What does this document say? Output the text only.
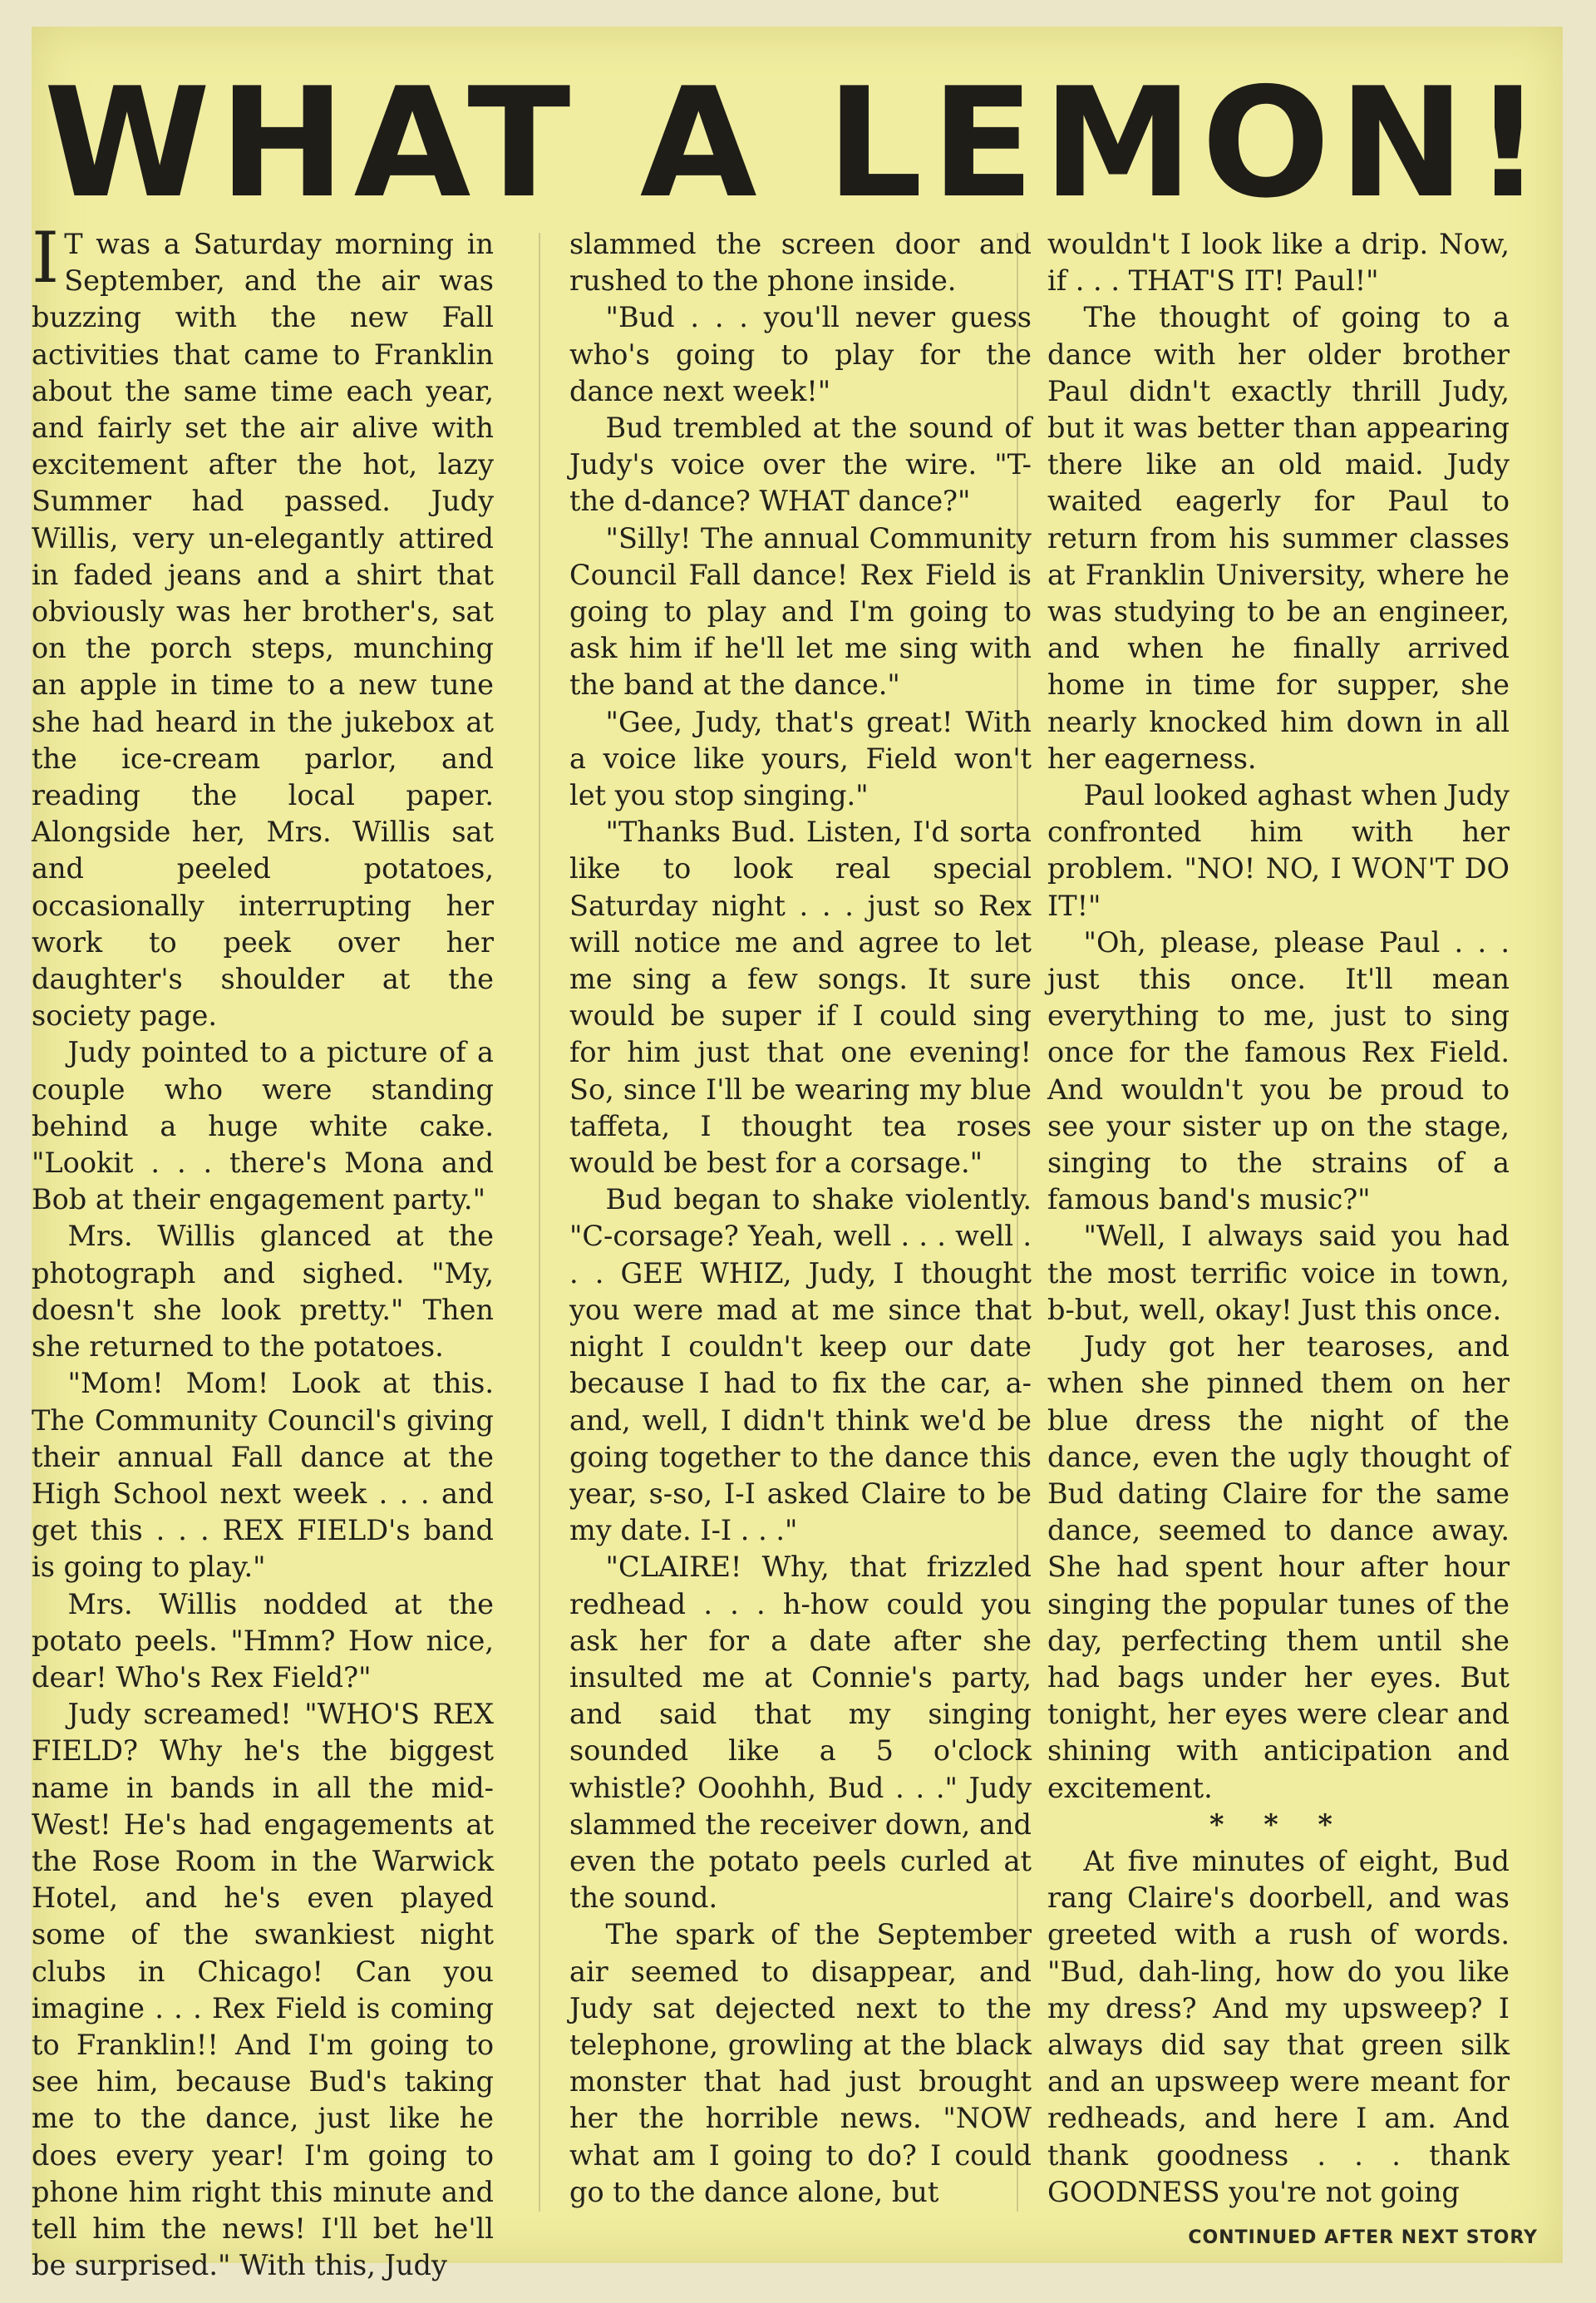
WHAT A LEMON!

I T was a Saturday morning in September, and the air was buzzing with the new Fall activities that came to Franklin about the same time each year, and fairly set the air alive with excitement after the hot, lazy Summer had passed. Judy Willis, very un-elegantly attired in faded jeans and a shirt that obviously was her brother's, sat on the porch steps, munching an apple in time to a new tune she had heard in the jukebox at the ice-cream parlor, and reading the local paper. Alongside her, Mrs. Willis sat and peeled potatoes, occasionally interrupting her work to peek over her daughter's shoulder at the society page.

Judy pointed to a picture of a couple who were standing behind a huge white cake. "Lookit . . . there's Mona and Bob at their engagement party."

Mrs. Willis glanced at the photograph and sighed. "My, doesn't she look pretty." Then she returned to the potatoes.

"Mom! Mom! Look at this. The Community Council's giving their annual Fall dance at the High School next week . . . and get this . . . REX FIELD's band is going to play."

Mrs. Willis nodded at the potato peels. "Hmm? How nice, dear! Who's Rex Field?"

Judy screamed! "WHO'S REX FIELD? Why he's the biggest name in bands in all the mid-West! He's had engagements at the Rose Room in the Warwick Hotel, and he's even played some of the swankiest night clubs in Chicago! Can you imagine . . . Rex Field is coming to Franklin!! And I'm going to see him, because Bud's taking me to the dance, just like he does every year! I'm going to phone him right this minute and tell him the news! I'll bet he'll be surprised." With this, Judy

slammed the screen door and rushed to the phone inside.

"Bud . . . you'll never guess who's going to play for the dance next week!"

Bud trembled at the sound of Judy's voice over the wire. "T-the d-dance? WHAT dance?"

"Silly! The annual Community Council Fall dance! Rex Field is going to play and I'm going to ask him if he'll let me sing with the band at the dance."

"Gee, Judy, that's great! With a voice like yours, Field won't let you stop singing."

"Thanks Bud. Listen, I'd sorta like to look real special Saturday night . . . just so Rex will notice me and agree to let me sing a few songs. It sure would be super if I could sing for him just that one evening! So, since I'll be wearing my blue taffeta, I thought tea roses would be best for a corsage."

Bud began to shake violently. "C-corsage? Yeah, well . . . well . . . GEE WHIZ, Judy, I thought you were mad at me since that night I couldn't keep our date because I had to fix the car, a-and, well, I didn't think we'd be going together to the dance this year, s-so, I-I asked Claire to be my date. I-I . . ."

"CLAIRE! Why, that frizzled redhead . . . h-how could you ask her for a date after she insulted me at Connie's party, and said that my singing sounded like a 5 o'clock whistle? Ooohhh, Bud . . ." Judy slammed the receiver down, and even the potato peels curled at the sound.

The spark of the September air seemed to disappear, and Judy sat dejected next to the telephone, growling at the black monster that had just brought her the horrible news. "NOW what am I going to do? I could go to the dance alone, but

wouldn't I look like a drip. Now, if . . . THAT'S IT! Paul!"

The thought of going to a dance with her older brother Paul didn't exactly thrill Judy, but it was better than appearing there like an old maid. Judy waited eagerly for Paul to return from his summer classes at Franklin University, where he was studying to be an engineer, and when he finally arrived home in time for supper, she nearly knocked him down in all her eagerness.

Paul looked aghast when Judy confronted him with her problem. "NO! NO, I WON'T DO IT!"

"Oh, please, please Paul . . . just this once. It'll mean everything to me, just to sing once for the famous Rex Field. And wouldn't you be proud to see your sister up on the stage, singing to the strains of a famous band's music?"

"Well, I always said you had the most terrific voice in town, b-but, well, okay! Just this once.

Judy got her tearoses, and when she pinned them on her blue dress the night of the dance, even the ugly thought of Bud dating Claire for the same dance, seemed to dance away. She had spent hour after hour singing the popular tunes of the day, perfecting them until she had bags under her eyes. But tonight, her eyes were clear and shining with anticipation and excitement.

* * *

At five minutes of eight, Bud rang Claire's doorbell, and was greeted with a rush of words. "Bud, dah-ling, how do you like my dress? And my upsweep? I always did say that green silk and an upsweep were meant for redheads, and here I am. And thank goodness . . . thank GOODNESS you're not going

CONTINUED AFTER NEXT STORY
